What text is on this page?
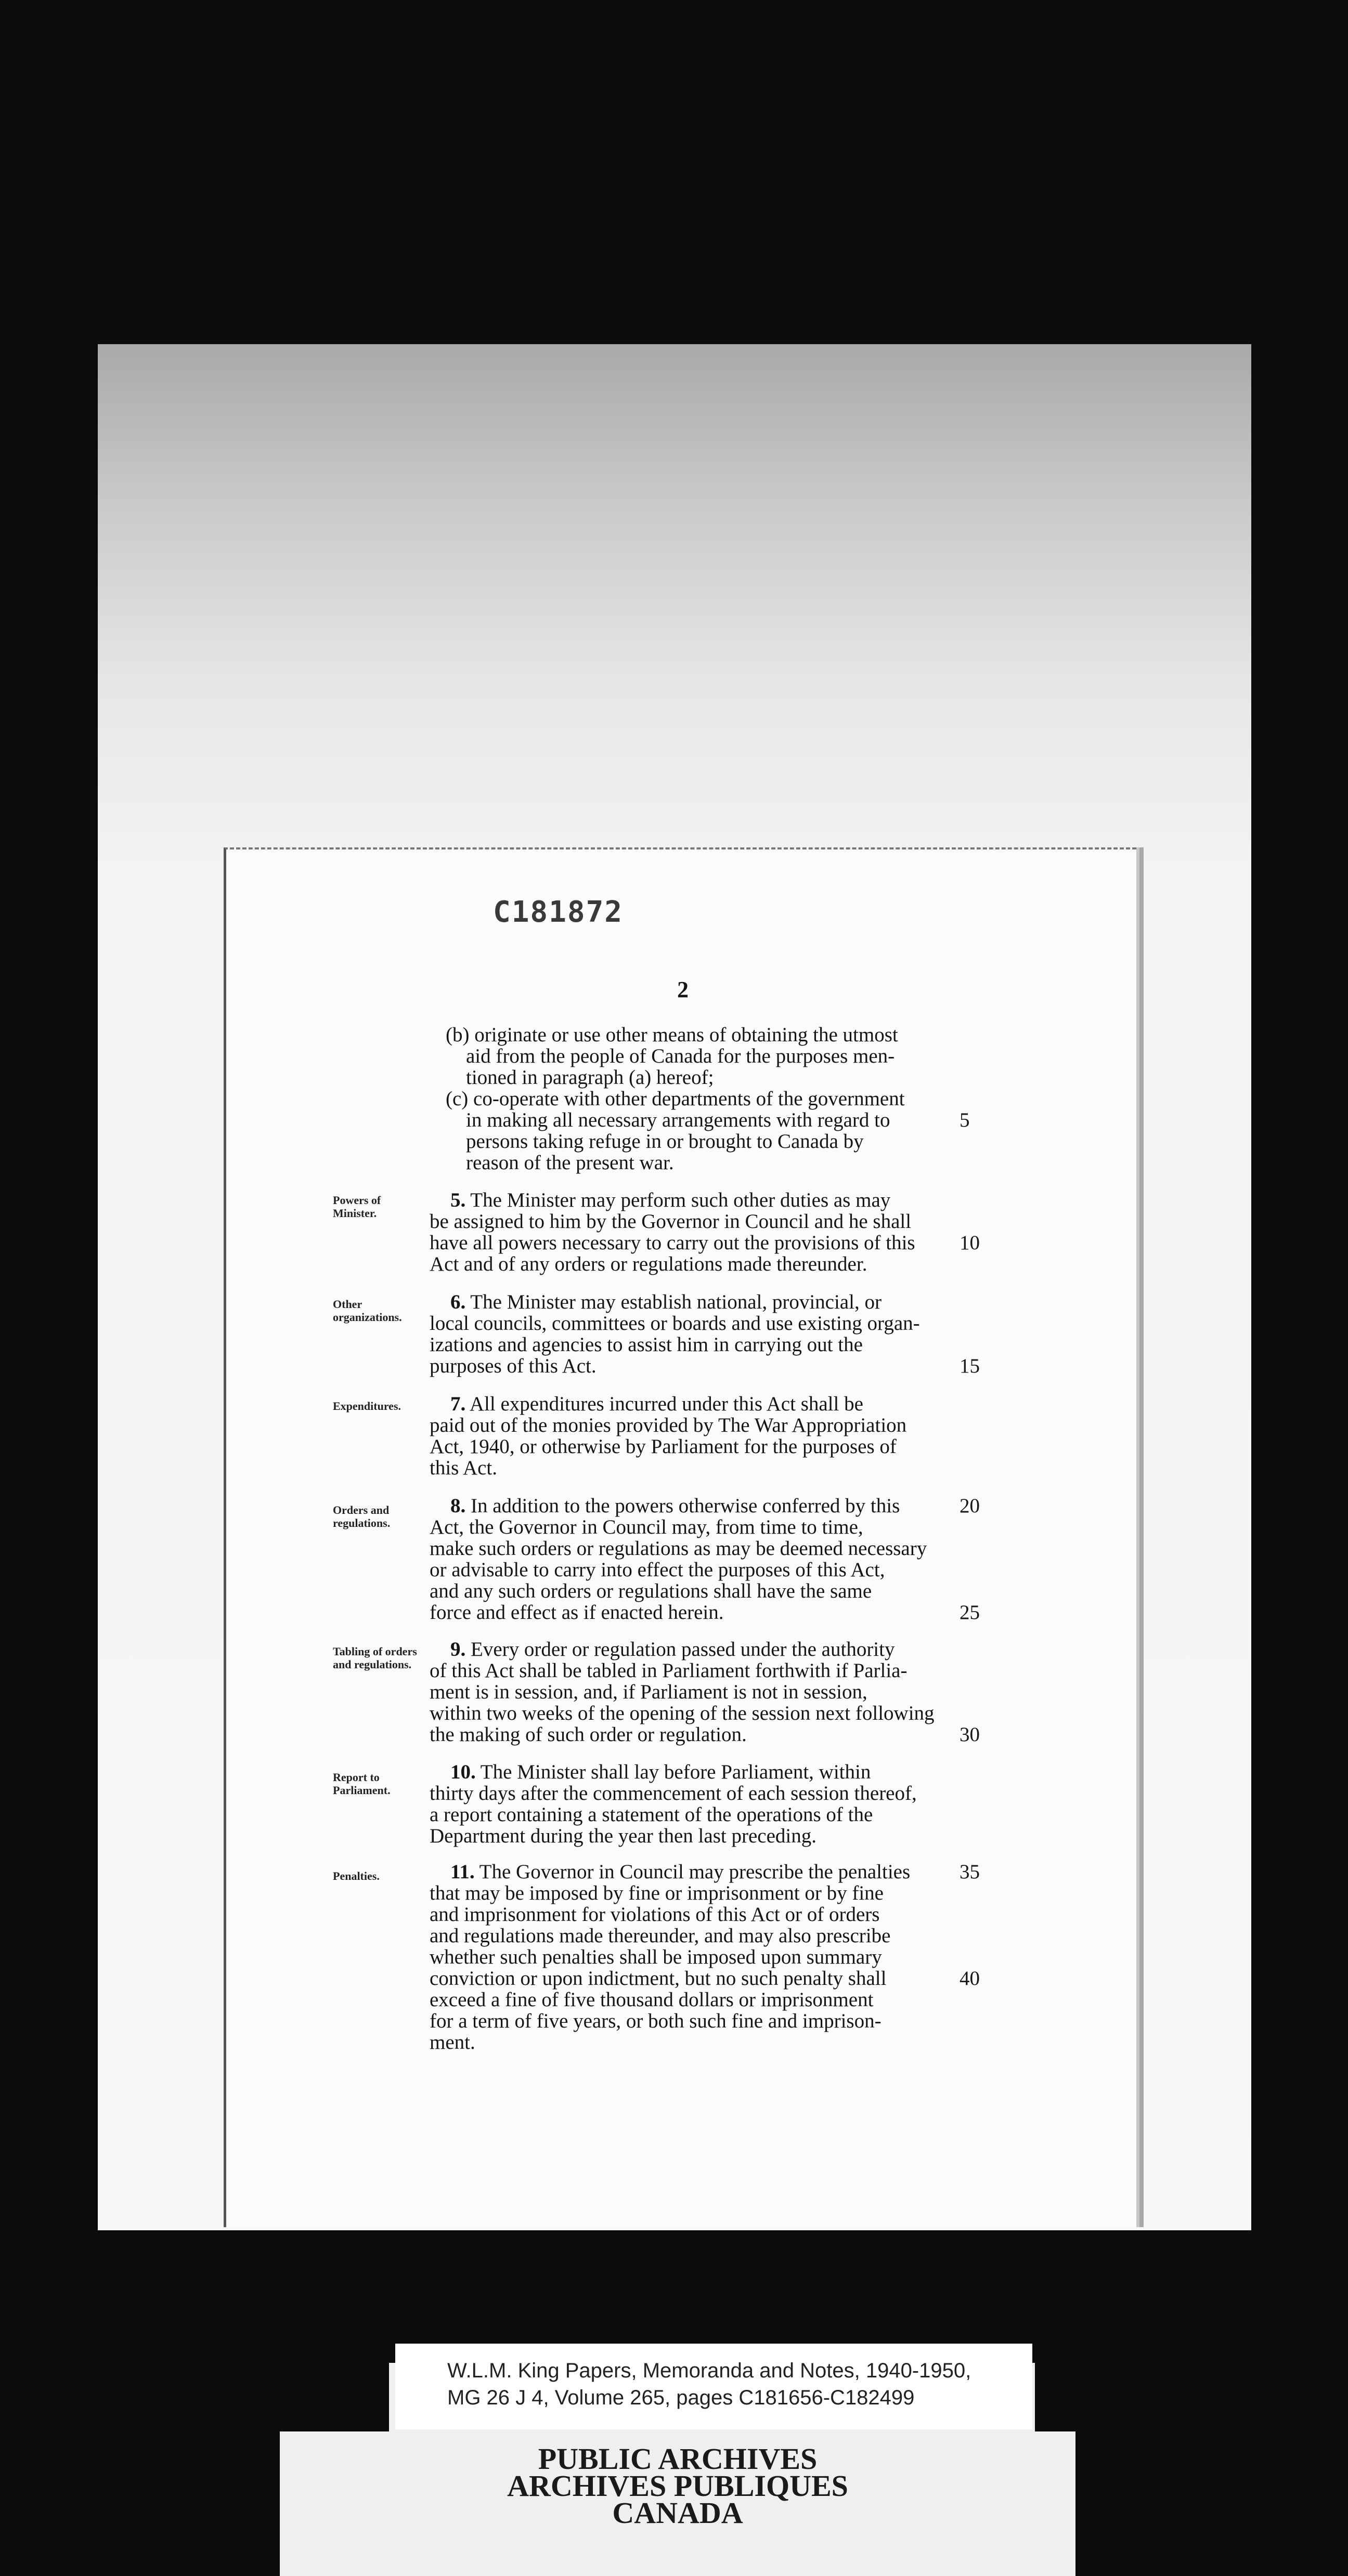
C181872
2
(b) originate or use other means of obtaining the utmost
aid from the people of Canada for the purposes men-
tioned in paragraph (a) hereof;
(c) co-operate with other departments of the government
in making all necessary arrangements with regard to
persons taking refuge in or brought to Canada by
reason of the present war.
Powers of Minister.
5. The Minister may perform such other duties as may
be assigned to him by the Governor in Council and he shall
have all powers necessary to carry out the provisions of this
Act and of any orders or regulations made thereunder.
Other organizations.
6. The Minister may establish national, provincial, or
local councils, committees or boards and use existing organ-
izations and agencies to assist him in carrying out the
purposes of this Act.
Expenditures.	7. All expenditures incurred under this Act shall be
paid out of the monies provided by The War Appropriation
Act, 1940, or otherwise by Parliament for the purposes of
this Act.
Orders and regulations.
8. In addition to the powers otherwise conferred by this
Act, the Governor in Council may, from time to time,
make such orders or regulations as may be deemed necessary
or advisable to carry into effect the purposes of this Act,
and any such orders or regulations shall have the same
force and effect as if enacted herein.
Tabling of orders and regulations.
9. Every order or regulation passed under the authority
of this Act shall be tabled in Parliament forthwith if Parlia-
ment is in session, and, if Parliament is not in session,
within two weeks of the opening of the session next following
the making of such order or regulation.
Report to Parliament.
10. The Minister shall lay before Parliament, within
thirty days after the commencement of each session thereof,
a report containing a statement of the operations of the
Department during the year then last preceding.
Penalties.	11. The Governor in Council may prescribe the penalties
that may be imposed by fine or imprisonment or by fine
and imprisonment for violations of this Act or of orders
and regulations made thereunder, and may also prescribe
whether such penalties shall be imposed upon summary
conviction or upon indictment, but no such penalty shall
exceed a fine of five thousand dollars or imprisonment
for a term of five years, or both such fine and imprison-
ment.
5
10
15
20
25
30
35
40
W.L.M. King Papers, Memoranda and Notes, 1940-1950,
MG 26 J 4, Volume 265, pages C181656-C182499
PUBLIC ARCHIVES
ARCHIVES PUBLIQUES
CANADA
